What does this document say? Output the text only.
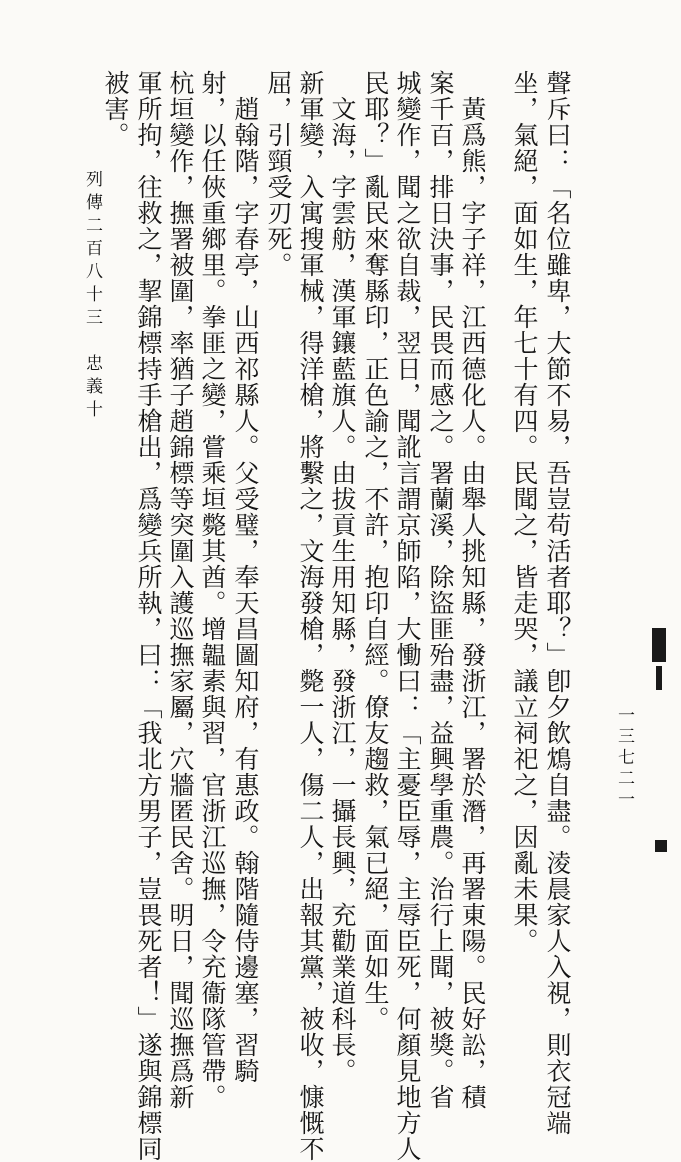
聲斥曰：「名位雖卑，大節不易，吾豈苟活者耶？」卽夕飲鴆自盡。淩晨家人入視，則衣冠端
坐，氣絕，面如生，年七十有四。民聞之，皆走哭，議立祠祀之，因亂未果。
黃爲熊，字子祥，江西德化人。由舉人挑知縣，發浙江，署於潛，再署東陽。民好訟，積
案千百，排日決事，民畏而感之。署蘭溪，除盜匪殆盡，益興學重農。治行上聞，被獎。省
城變作，聞之欲自裁，翌日，聞訛言謂京師陷，大慟曰：「主憂臣辱，主辱臣死，何顏見地方人
民耶？」亂民來奪縣印，正色諭之，不許，抱印自經。僚友趨救，氣已絕，面如生。
文海，字雲舫，漢軍鑲藍旗人。由拔貢生用知縣，發浙江，一攝長興，充勸業道科長。
新軍變，入寓搜軍械，得洋槍，將繫之，文海發槍，斃一人，傷二人，出報其黨，被收，慷慨不
屈，引頸受刃死。
趙翰階，字春亭，山西祁縣人。父受璧，奉天昌圖知府，有惠政。翰階隨侍邊塞，習騎
射，以任俠重鄉里。拳匪之變，嘗乘垣斃其酋。增韞素與習，官浙江巡撫，令充衞隊管帶。
杭垣變作，撫署被圍，率猶子趙錦標等突圍入護巡撫家屬，穴牆匿民舍。明日，聞巡撫爲新
軍所拘，往救之，挈錦標持手槍出，爲變兵所執，曰：「我北方男子，豈畏死者！」遂與錦標同
被害。
列傳二百八十三　忠義十
一三七二一
